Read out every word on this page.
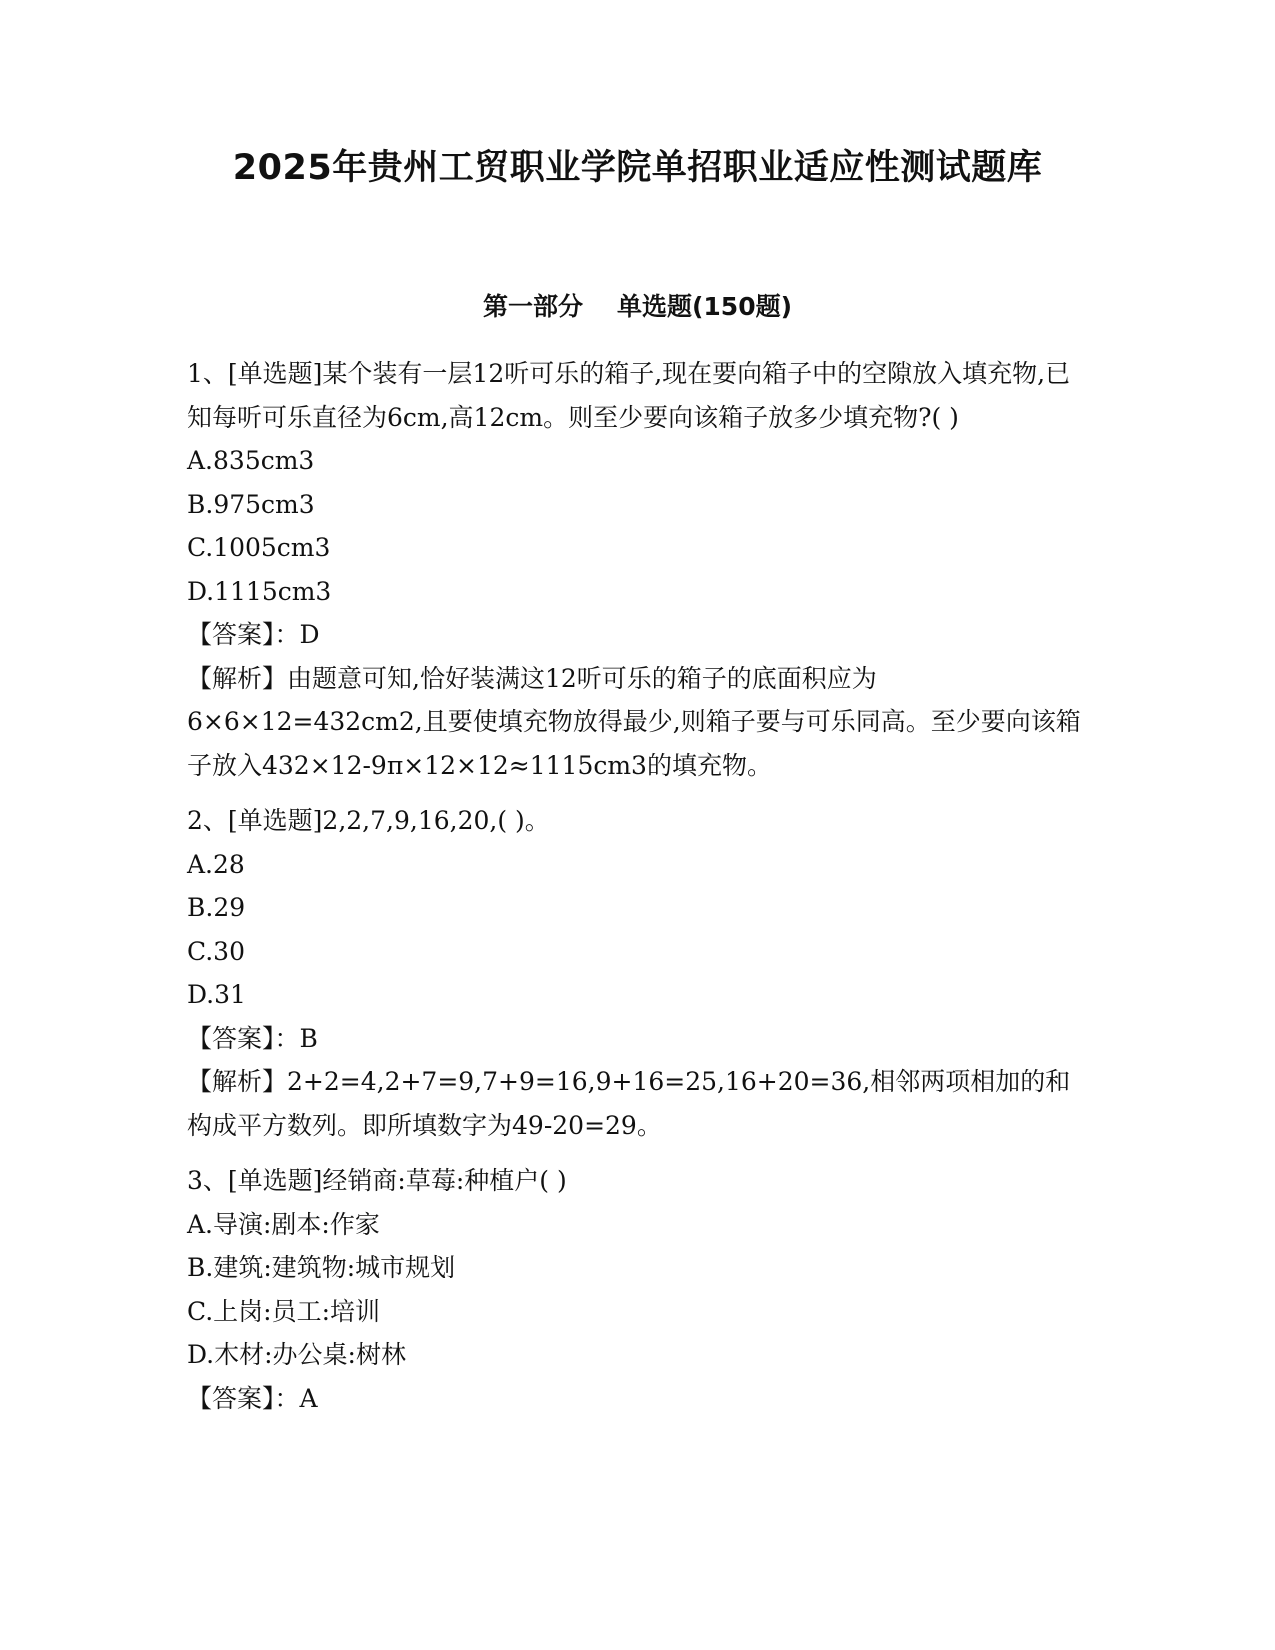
2025年贵州工贸职业学院单招职业适应性测试题库
第一部分 单选题(150题)

1、[单选题]某个装有一层12听可乐的箱子,现在要向箱子中的空隙放入填充物,已知每听可乐直径为6cm,高12cm。则至少要向该箱子放多少填充物?( )

A.835cm3

B.975cm3

C.1005cm3

D.1115cm3

【答案】：D

【解析】由题意可知,恰好装满这12听可乐的箱子的底面积应为6×6×12=432cm2,且要使填充物放得最少,则箱子要与可乐同高。至少要向该箱子放入432×12-9π×12×12≈1115cm3的填充物。

2、[单选题]2,2,7,9,16,20,( )。

A.28

B.29

C.30

D.31

【答案】：B

【解析】2+2=4,2+7=9,7+9=16,9+16=25,16+20=36,相邻两项相加的和构成平方数列。即所填数字为49-20=29。

3、[单选题]经销商:草莓:种植户( )

A.导演:剧本:作家

B.建筑:建筑物:城市规划

C.上岗:员工:培训

D.木材:办公桌:树林

【答案】：A
